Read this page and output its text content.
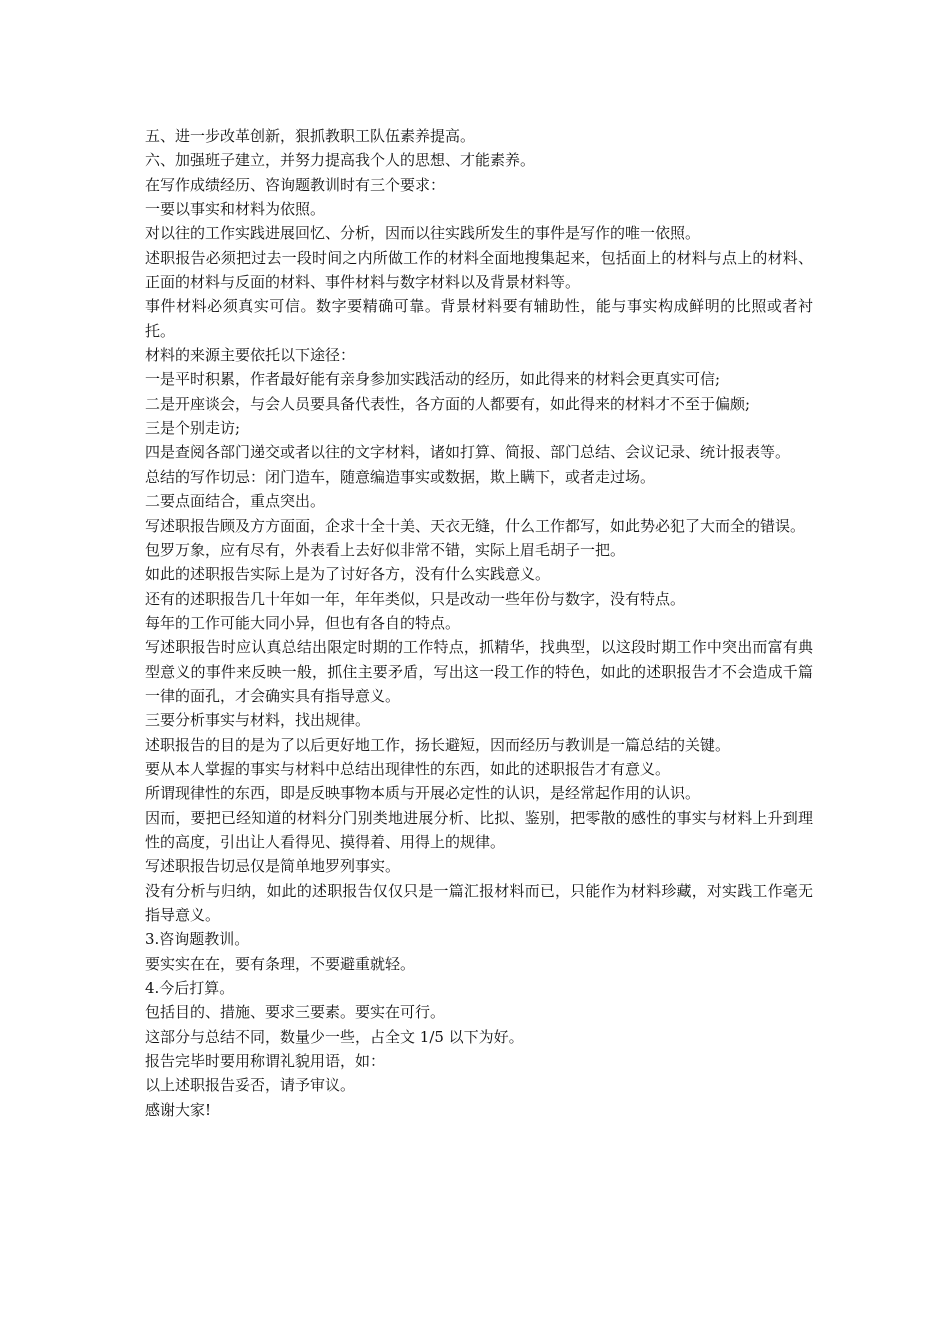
五、进一步改革创新，狠抓教职工队伍素养提高。

六、加强班子建立，并努力提高我个人的思想、才能素养。

在写作成绩经历、咨询题教训时有三个要求：

一要以事实和材料为依照。

对以往的工作实践进展回忆、分析，因而以往实践所发生的事件是写作的唯一依照。

述职报告必须把过去一段时间之内所做工作的材料全面地搜集起来，包括面上的材料与点上的材料、正面的材料与反面的材料、事件材料与数字材料以及背景材料等。

事件材料必须真实可信。数字要精确可靠。背景材料要有辅助性，能与事实构成鲜明的比照或者衬托。

材料的来源主要依托以下途径：

一是平时积累，作者最好能有亲身参加实践活动的经历，如此得来的材料会更真实可信;

二是开座谈会，与会人员要具备代表性，各方面的人都要有，如此得来的材料才不至于偏颇;

三是个别走访;

四是查阅各部门递交或者以往的文字材料，诸如打算、简报、部门总结、会议记录、统计报表等。

总结的写作切忌：闭门造车，随意编造事实或数据，欺上瞒下，或者走过场。

二要点面结合，重点突出。

写述职报告顾及方方面面，企求十全十美、天衣无缝，什么工作都写，如此势必犯了大而全的错误。

包罗万象，应有尽有，外表看上去好似非常不错，实际上眉毛胡子一把。

如此的述职报告实际上是为了讨好各方，没有什么实践意义。

还有的述职报告几十年如一年，年年类似，只是改动一些年份与数字，没有特点。

每年的工作可能大同小异，但也有各自的特点。

写述职报告时应认真总结出限定时期的工作特点，抓精华，找典型，以这段时期工作中突出而富有典型意义的事件来反映一般，抓住主要矛盾，写出这一段工作的特色，如此的述职报告才不会造成千篇一律的面孔，才会确实具有指导意义。

三要分析事实与材料，找出规律。

述职报告的目的是为了以后更好地工作，扬长避短，因而经历与教训是一篇总结的关键。

要从本人掌握的事实与材料中总结出现律性的东西，如此的述职报告才有意义。

所谓现律性的东西，即是反映事物本质与开展必定性的认识，是经常起作用的认识。

因而，要把已经知道的材料分门别类地进展分析、比拟、鉴别，把零散的感性的事实与材料上升到理性的高度，引出让人看得见、摸得着、用得上的规律。

写述职报告切忌仅是简单地罗列事实。

没有分析与归纳，如此的述职报告仅仅只是一篇汇报材料而已，只能作为材料珍藏，对实践工作毫无指导意义。

3.咨询题教训。

要实实在在，要有条理，不要避重就轻。

4.今后打算。

包括目的、措施、要求三要素。要实在可行。

这部分与总结不同，数量少一些，占全文 1/5 以下为好。

报告完毕时要用称谓礼貌用语，如：

以上述职报告妥否，请予审议。

感谢大家!
